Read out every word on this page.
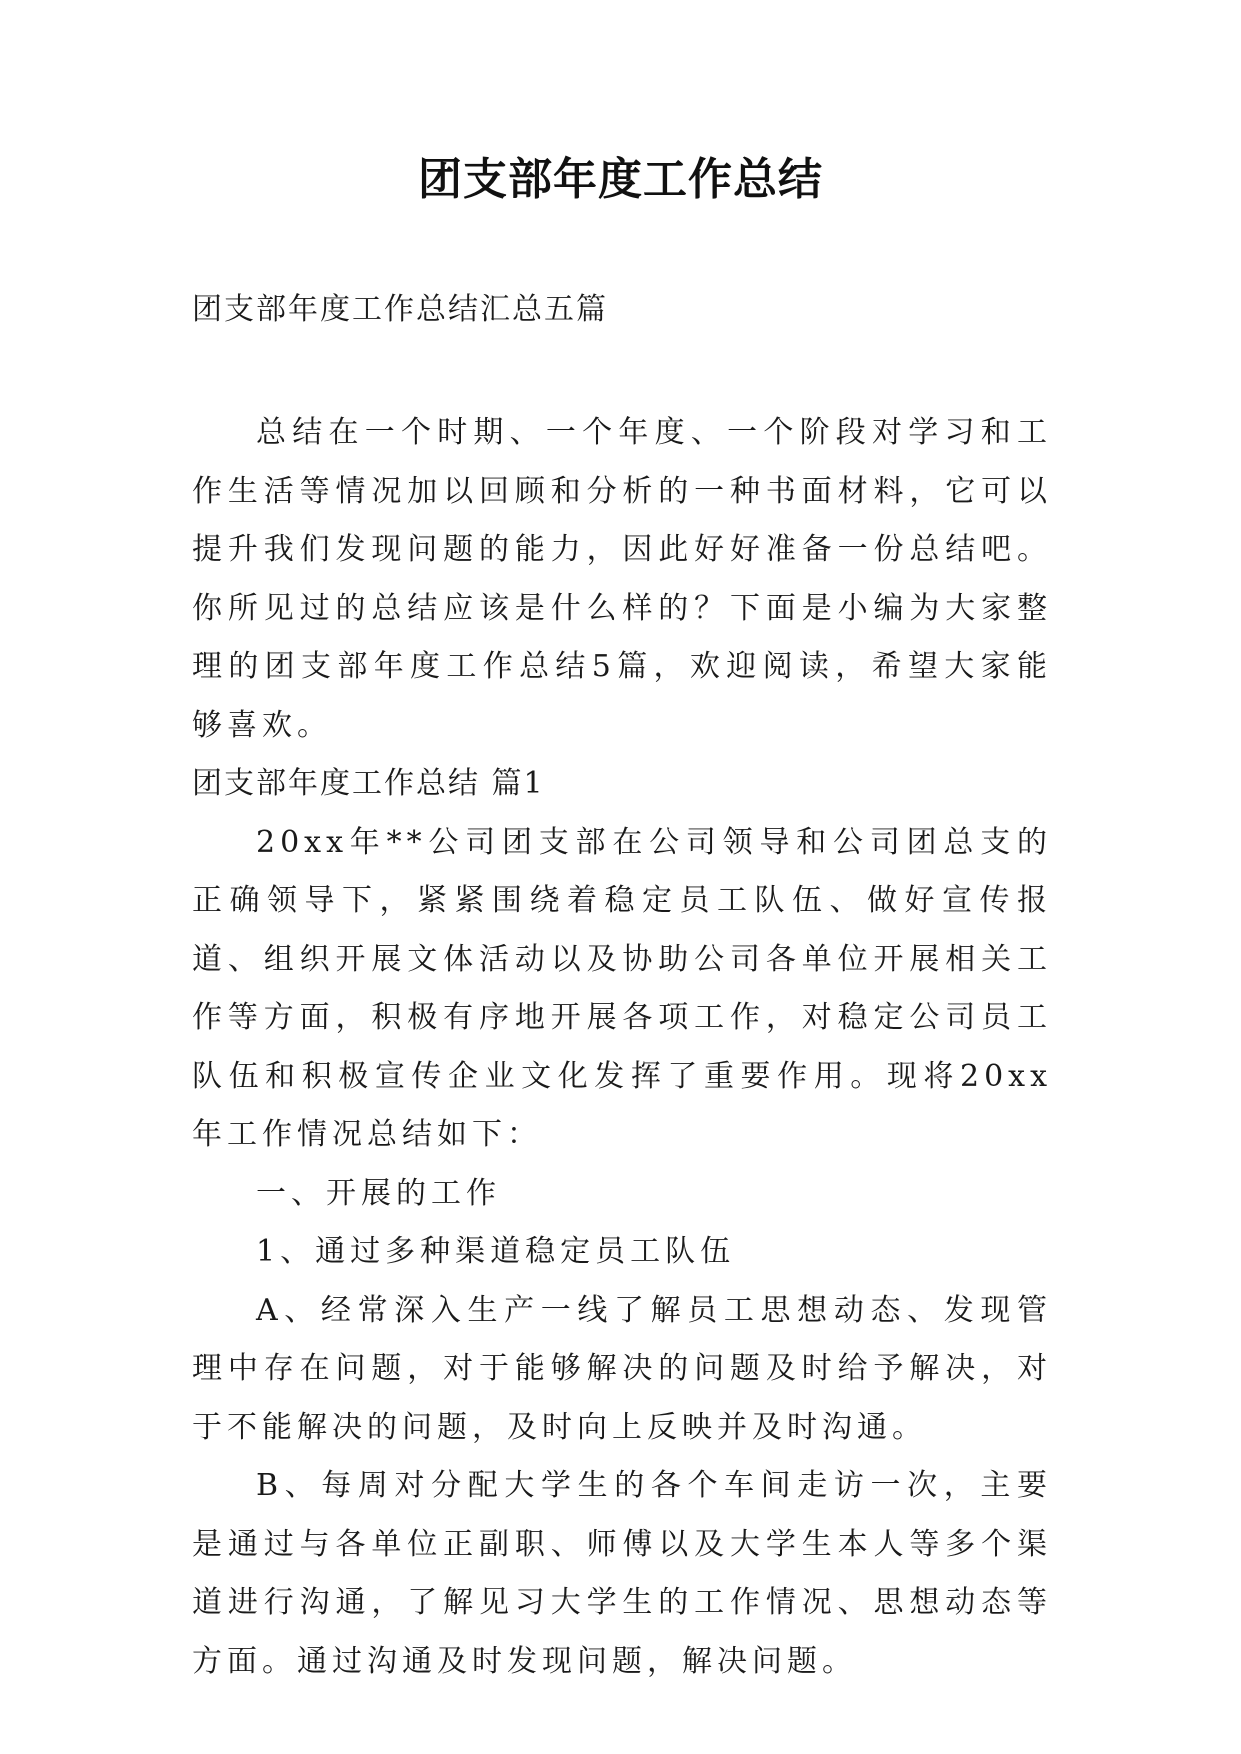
团支部年度工作总结

团支部年度工作总结汇总五篇

总结在一个时期、一个年度、一个阶段对学习和工作生活等情况加以回顾和分析的一种书面材料，它可以提升我们发现问题的能力，因此好好准备一份总结吧。你所见过的总结应该是什么样的？下面是小编为大家整理的团支部年度工作总结5篇，欢迎阅读，希望大家能够喜欢。

团支部年度工作总结 篇1

20xx年**公司团支部在公司领导和公司团总支的正确领导下，紧紧围绕着稳定员工队伍、做好宣传报道、组织开展文体活动以及协助公司各单位开展相关工作等方面，积极有序地开展各项工作，对稳定公司员工队伍和积极宣传企业文化发挥了重要作用。现将20xx年工作情况总结如下：

一、开展的工作

1、通过多种渠道稳定员工队伍

A、经常深入生产一线了解员工思想动态、发现管理中存在问题，对于能够解决的问题及时给予解决，对于不能解决的问题，及时向上反映并及时沟通。

B、每周对分配大学生的各个车间走访一次，主要是通过与各单位正副职、师傅以及大学生本人等多个渠道进行沟通，了解见习大学生的工作情况、思想动态等方面。通过沟通及时发现问题，解决问题。
